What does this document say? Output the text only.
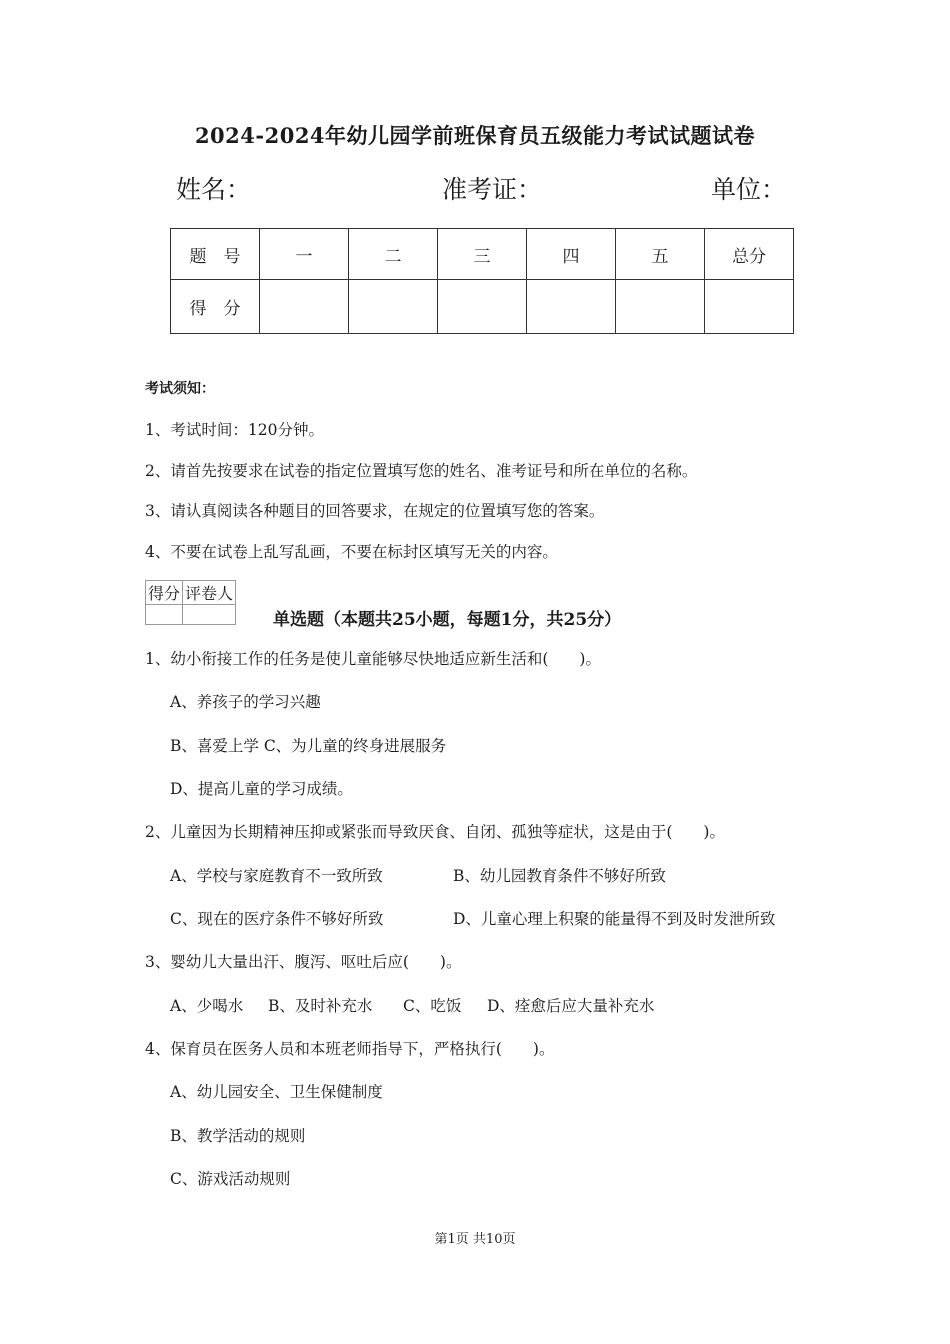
2024-2024年幼儿园学前班保育员五级能力考试试题试卷
姓名：	准考证：	单位：
题　号	一	二	三	四	五	总分
得　分						
考试须知：
1、考试时间：120分钟。
2、请首先按要求在试卷的指定位置填写您的姓名、准考证号和所在单位的名称。
3、请认真阅读各种题目的回答要求，在规定的位置填写您的答案。
4、不要在试卷上乱写乱画，不要在标封区填写无关的内容。
得分	评卷人

单选题（本题共25小题，每题1分，共25分）
1、幼小衔接工作的任务是使儿童能够尽快地适应新生活和(　　)。
A、养孩子的学习兴趣
B、喜爱上学 C、为儿童的终身进展服务
D、提高儿童的学习成绩。
2、儿童因为长期精神压抑或紧张而导致厌食、自闭、孤独等症状，这是由于(　　)。
A、学校与家庭教育不一致所致	B、幼儿园教育条件不够好所致
C、现在的医疗条件不够好所致	D、儿童心理上积聚的能量得不到及时发泄所致
3、婴幼儿大量出汗、腹泻、呕吐后应(　　)。
A、少喝水 B、及时补充水 C、吃饭 D、痊愈后应大量补充水
4、保育员在医务人员和本班老师指导下，严格执行(　　)。
A、幼儿园安全、卫生保健制度
B、教学活动的规则
C、游戏活动规则
第1页 共10页
